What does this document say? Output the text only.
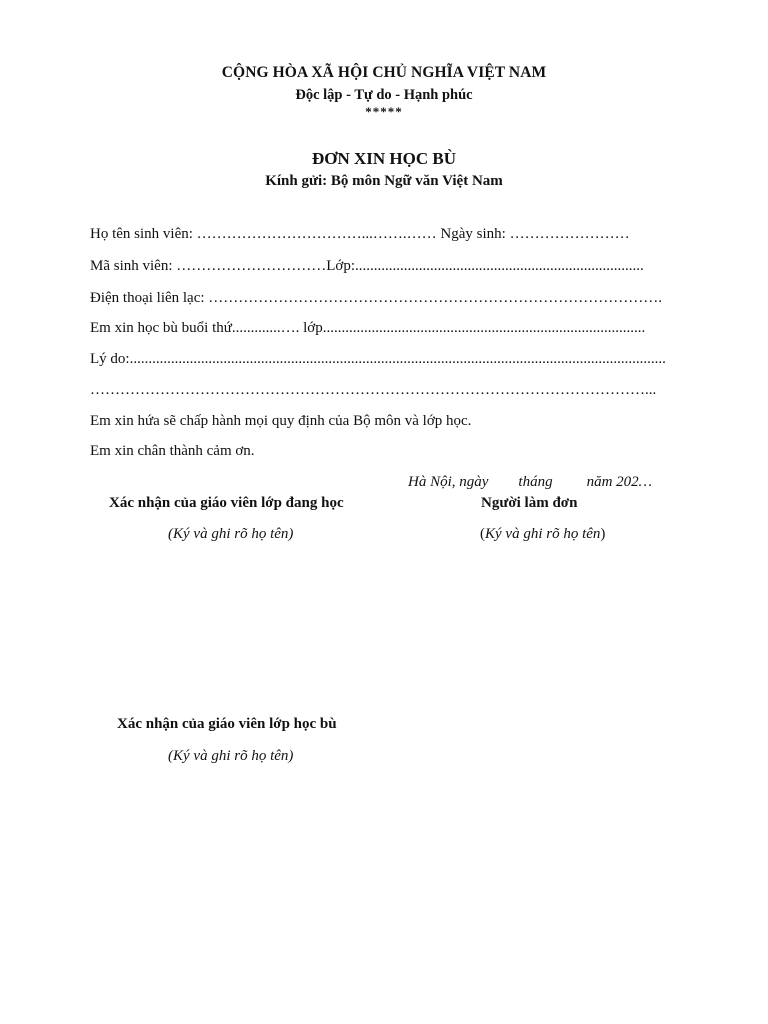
CỘNG HÒA XÃ HỘI CHỦ NGHĨA VIỆT NAM
Độc lập - Tự do - Hạnh phúc
*****
ĐƠN XIN HỌC BÙ
Kính gửi: Bộ môn Ngữ văn Việt Nam
Họ tên sinh viên: ……………………………...…….…… Ngày sinh: ……………………
Mã sinh viên: …………………………Lớp:.............................................................................
Điện thoại liên lạc: ……………………………………………………………………………….
Em xin học bù buổi thứ.............…. lớp......................................................................................
Lý do:...............................................................................................................................................
…………………………………………………………………………………………………...
Em xin hứa sẽ chấp hành mọi quy định của Bộ môn và lớp học.
Em xin chân thành cảm ơn.
Hà Nội, ngày tháng năm 202…
Xác nhận của giáo viên lớp đang học	Người làm đơn
(Ký và ghi rõ họ tên)	(Ký và ghi rõ họ tên)
Xác nhận của giáo viên lớp học bù
(Ký và ghi rõ họ tên)
